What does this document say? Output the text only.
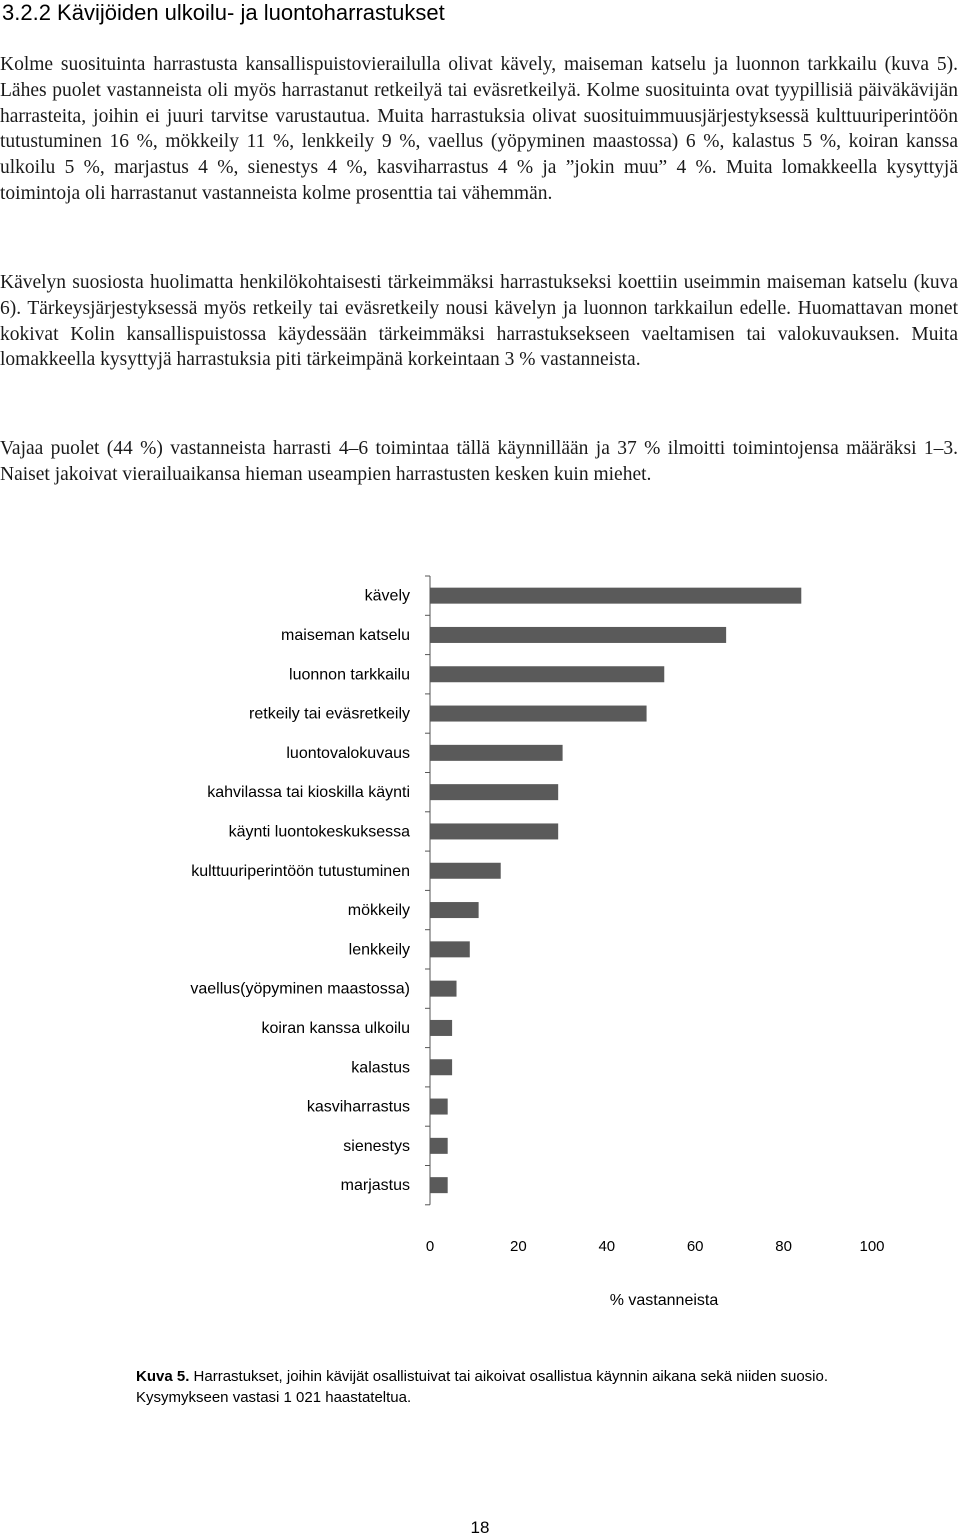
3.2.2 Kävijöiden ulkoilu- ja luontoharrastukset

Kolme suosituinta harrastusta kansallispuistovierailulla olivat kävely, maiseman katselu ja luonnon tarkkailu (kuva 5). Lähes puolet vastanneista oli myös harrastanut retkeilyä tai eväsretkeilyä. Kolme suosituinta ovat tyypillisiä päiväkävijän harrasteita, joihin ei juuri tarvitse varustautua. Muita harrastuksia olivat suosituimmuusjärjestyksessä kulttuuriperintöön tutustuminen 16 %, mökkeily 11 %, lenkkeily 9 %, vaellus (yöpyminen maastossa) 6 %, kalastus 5 %, koiran kanssa ulkoilu 5 %, marjastus 4 %, sienestys 4 %, kasviharrastus 4 % ja ”jokin muu” 4 %. Muita lomakkeella kysyttyjä toimintoja oli harrastanut vastanneista kolme prosenttia tai vähemmän.

Kävelyn suosiosta huolimatta henkilökohtaisesti tärkeimmäksi harrastukseksi koettiin useimmin maiseman katselu (kuva 6). Tärkeysjärjestyksessä myös retkeily tai eväsretkeily nousi kävelyn ja luonnon tarkkailun edelle. Huomattavan monet kokivat Kolin kansallispuistossa käydessään tärkeimmäksi harrastuksekseen vaeltamisen tai valokuvauksen. Muita lomakkeella kysyttyjä harrastuksia piti tärkeimpänä korkeintaan 3 % vastanneista.

Vajaa puolet (44 %) vastanneista harrasti 4–6 toimintaa tällä käynnillään ja 37 % ilmoitti toimintojensa määräksi 1–3. Naiset jakoivat vierailuaikansa hieman useampien harrastusten kesken kuin miehet.

kävely
maiseman katselu
luonnon tarkkailu
retkeily tai eväsretkeily
luontovalokuvaus
kahvilassa tai kioskilla käynti
käynti luontokeskuksessa
kulttuuriperintöön tutustuminen
mökkeily
lenkkeily
vaellus(yöpyminen maastossa)
koiran kanssa ulkoilu
kalastus
kasviharrastus
sienestys
marjastus
0	20	40	60	80	100
% vastanneista

Kuva 5. Harrastukset, joihin kävijät osallistuivat tai aikoivat osallistua käynnin aikana sekä niiden suosio. Kysymykseen vastasi 1 021 haastateltua.

18
